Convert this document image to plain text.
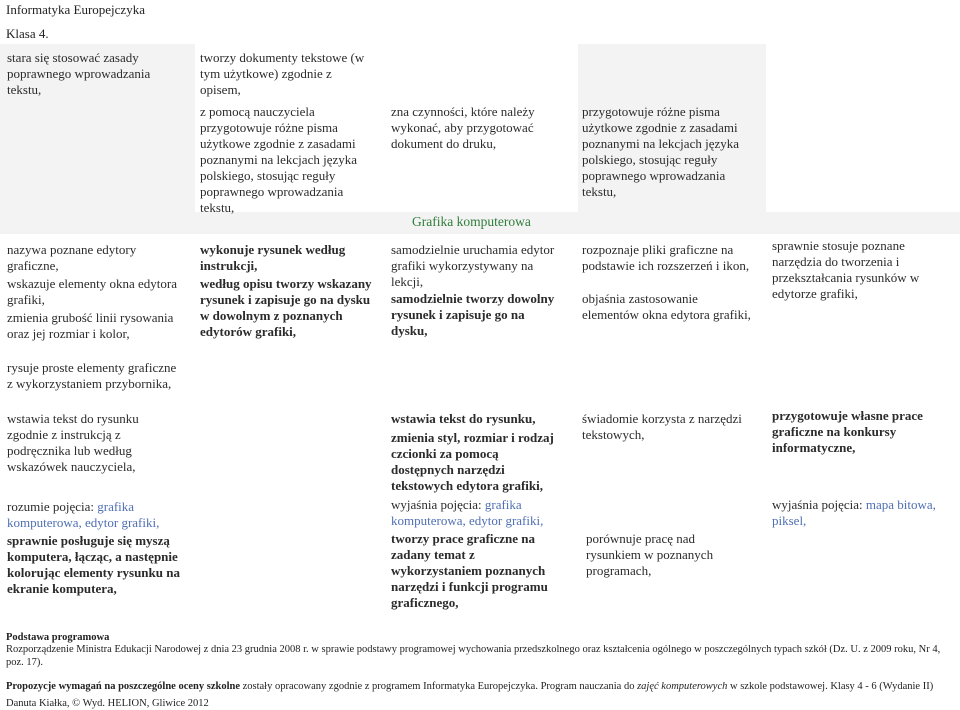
Informatyka Europejczyka
Klasa 4.

stara się stosować zasady poprawnego wprowadzania tekstu,

tworzy dokumenty tekstowe (w tym użytkowe) zgodnie z opisem,

z pomocą nauczyciela przygotowuje różne pisma użytkowe zgodnie z zasadami poznanymi na lekcjach języka polskiego, stosując reguły poprawnego wprowadzania tekstu,

zna czynności, które należy wykonać, aby przygotować dokument do druku,

przygotowuje różne pisma użytkowe zgodnie z zasadami poznanymi na lekcjach języka polskiego, stosując reguły poprawnego wprowadzania tekstu,

Grafika komputerowa

nazywa poznane edytory graficzne,

wskazuje elementy okna edytora grafiki,

zmienia grubość linii rysowania oraz jej rozmiar i kolor,

rysuje proste elementy graficzne z wykorzystaniem przybornika,

wykonuje rysunek według instrukcji,

według opisu tworzy wskazany rysunek i zapisuje go na dysku w dowolnym z poznanych edytorów grafiki,

samodzielnie uruchamia edytor grafiki wykorzystywany na lekcji,

samodzielnie tworzy dowolny rysunek i zapisuje go na dysku,

rozpoznaje pliki graficzne na podstawie ich rozszerzeń i ikon,

objaśnia zastosowanie elementów okna edytora grafiki,

sprawnie stosuje poznane narzędzia do tworzenia i przekształcania rysunków w edytorze grafiki,

wstawia tekst do rysunku zgodnie z instrukcją z podręcznika lub według wskazówek nauczyciela,

wstawia tekst do rysunku,

zmienia styl, rozmiar i rodzaj czcionki za pomocą dostępnych narzędzi tekstowych edytora grafiki,

świadomie korzysta z narzędzi tekstowych,

przygotowuje własne prace graficzne na konkursy informatyczne,

rozumie pojęcia: grafika komputerowa, edytor grafiki,

sprawnie posługuje się myszą komputera, łącząc, a następnie kolorując elementy rysunku na ekranie komputera,

wyjaśnia pojęcia: grafika komputerowa, edytor grafiki,

tworzy prace graficzne na zadany temat z wykorzystaniem poznanych narzędzi i funkcji programu graficznego,

porównuje pracę nad rysunkiem w poznanych programach,

wyjaśnia pojęcia: mapa bitowa, piksel,

Podstawa programowa

Rozporządzenie Ministra Edukacji Narodowej z dnia 23 grudnia 2008 r. w sprawie podstawy programowej wychowania przedszkolnego oraz kształcenia ogólnego w poszczególnych typach szkół (Dz. U. z 2009 roku, Nr 4, poz. 17).

Propozycje wymagań na poszczególne oceny szkolne zostały opracowany zgodnie z programem Informatyka Europejczyka. Program nauczania do zajęć komputerowych w szkole podstawowej. Klasy 4 - 6 (Wydanie II)

Danuta Kiałka, © Wyd. HELION, Gliwice 2012
